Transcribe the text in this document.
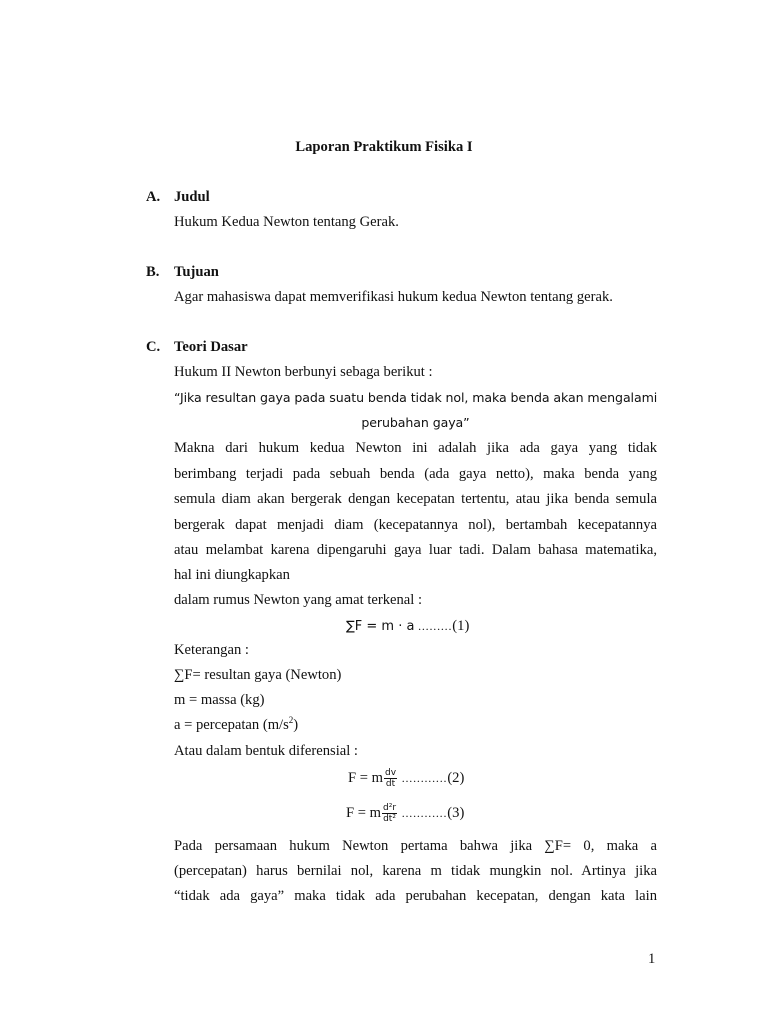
Laporan Praktikum Fisika I
A. Judul
Hukum Kedua Newton tentang Gerak.
B. Tujuan
Agar mahasiswa dapat memverifikasi hukum kedua Newton tentang gerak.
C. Teori Dasar
Hukum II Newton berbunyi sebaga berikut :
“Jika resultan gaya pada suatu benda tidak nol, maka benda akan mengalami
perubahan gaya”
Makna dari hukum kedua Newton ini adalah jika ada gaya yang tidak
berimbang terjadi pada sebuah benda (ada gaya netto), maka benda yang
semula diam akan bergerak dengan kecepatan tertentu, atau jika benda semula
bergerak dapat menjadi diam (kecepatannya nol), bertambah kecepatannya
atau melambat karena dipengaruhi gaya luar tadi. Dalam bahasa matematika,
hal ini diungkapkan
dalam rumus Newton yang amat terkenal :
∑F = m · a .........(1)
Keterangan :
∑F= resultan gaya (Newton)
m = massa (kg)
a = percepatan $(m/s^2)$
Atau dalam bentuk diferensial :
F = m $\frac{dv}{dt} ............(2)$
F = m $\frac{\text{d²r}}{\text{dt²}} ............(3)$
Pada persamaan hukum Newton pertama bahwa jika ∑F= 0, maka a
(percepatan) harus bernilai nol, karena m tidak mungkin nol. Artinya jika
“tidak ada gaya” maka tidak ada perubahan kecepatan, dengan kata lain
1
